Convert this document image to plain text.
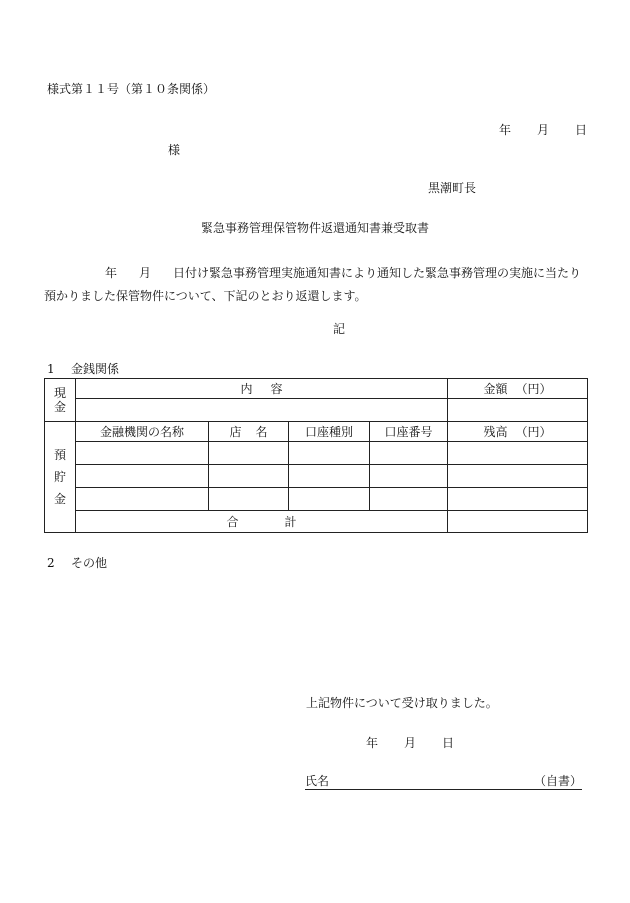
様式第１１号（第１０条関係）
年 月 日
様
黒潮町長
緊急事務管理保管物件返還通知書兼受取書
年 月 日付け緊急事務管理実施通知書により通知した緊急事務管理の実施に当たり預かりました保管物件について、下記のとおり返還します。
記
1 金銭関係
現
金	内 容				金額 （円）

預
貯
金	金融機関の名称	店 名	口座種別	口座番号	残高 （円）

	合 計				
2 その他
上記物件について受け取りました。
年 月 日
氏名	（自書）
